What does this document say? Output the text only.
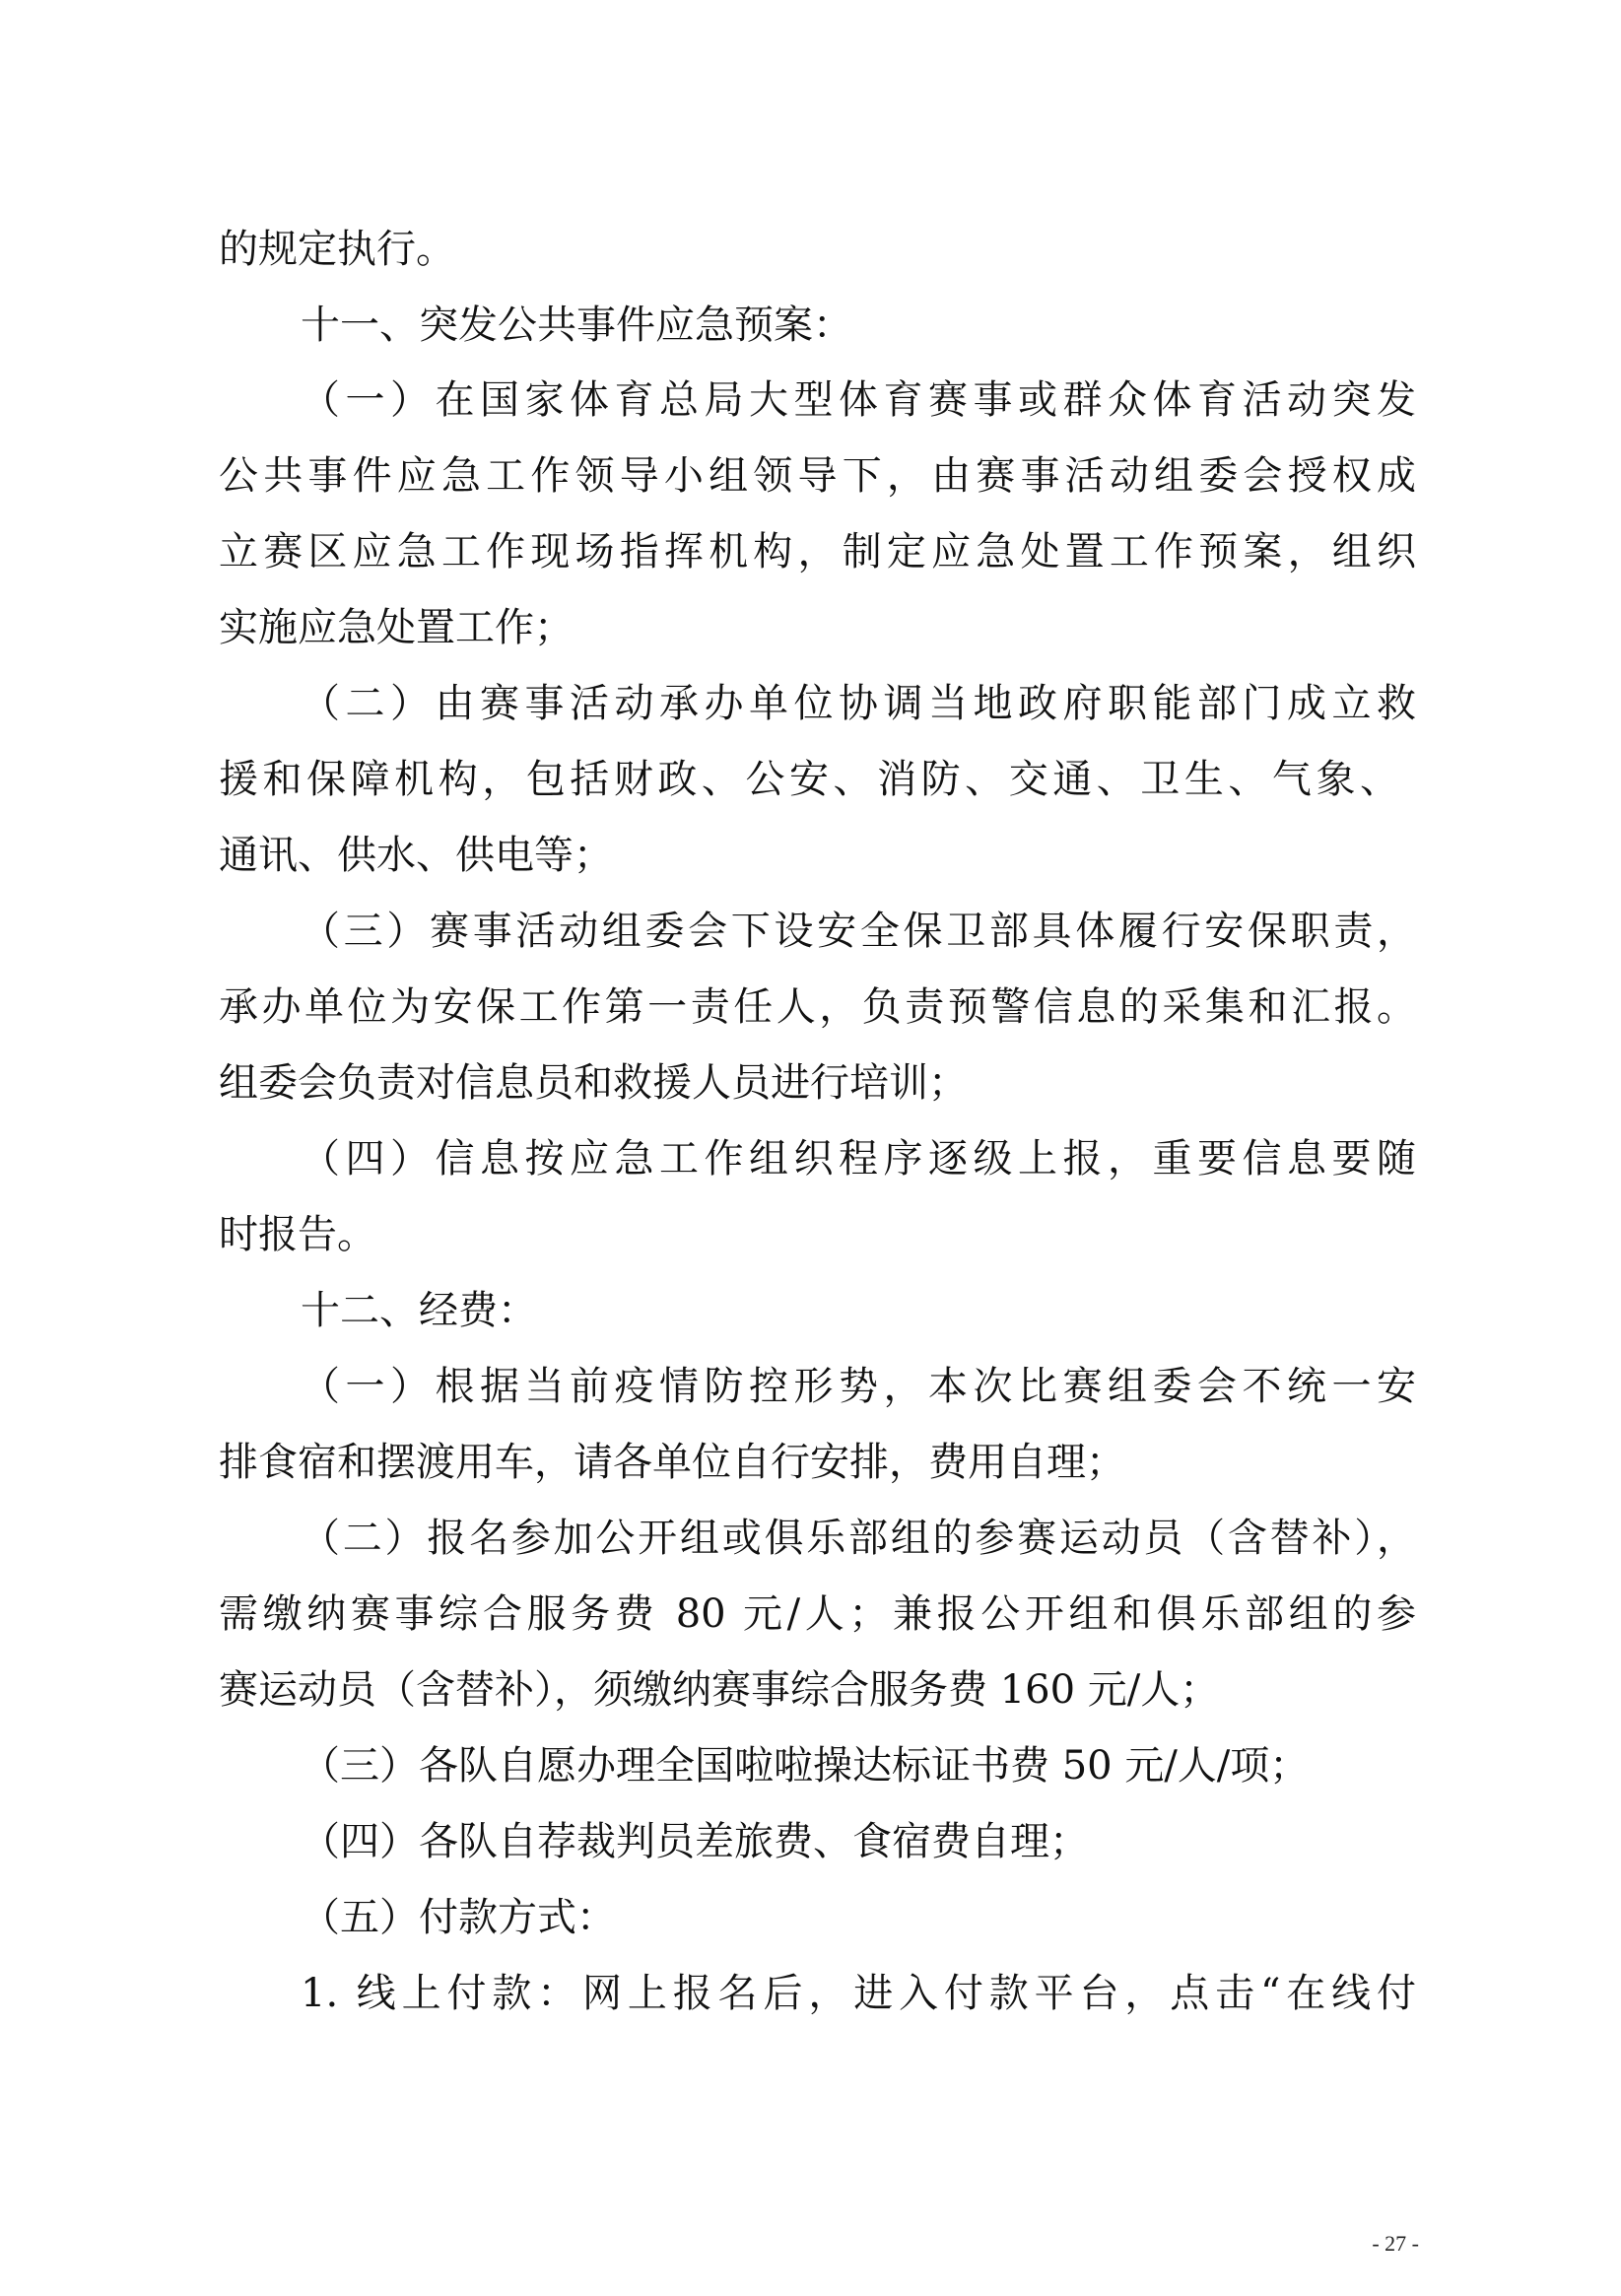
的规定执行。
十一、突发公共事件应急预案：
（一）在国家体育总局大型体育赛事或群众体育活动突发
公共事件应急工作领导小组领导下，由赛事活动组委会授权成
立赛区应急工作现场指挥机构，制定应急处置工作预案，组织
实施应急处置工作；
（二）由赛事活动承办单位协调当地政府职能部门成立救
援和保障机构，包括财政、公安、消防、交通、卫生、气象、
通讯、供水、供电等；
（三）赛事活动组委会下设安全保卫部具体履行安保职责，
承办单位为安保工作第一责任人，负责预警信息的采集和汇报。
组委会负责对信息员和救援人员进行培训；
（四）信息按应急工作组织程序逐级上报，重要信息要随
时报告。
十二、经费：
（一）根据当前疫情防控形势，本次比赛组委会不统一安
排食宿和摆渡用车，请各单位自行安排，费用自理；
（二）报名参加公开组或俱乐部组的参赛运动员（含替补），
需缴纳赛事综合服务费 80 元/人；兼报公开组和俱乐部组的参
赛运动员（含替补），须缴纳赛事综合服务费 160 元/人；
（三）各队自愿办理全国啦啦操达标证书费 50 元/人/项；
（四）各队自荐裁判员差旅费、食宿费自理；
（五）付款方式：
1. 线上付款：网上报名后，进入付款平台，点击“在线付
- 27 -
